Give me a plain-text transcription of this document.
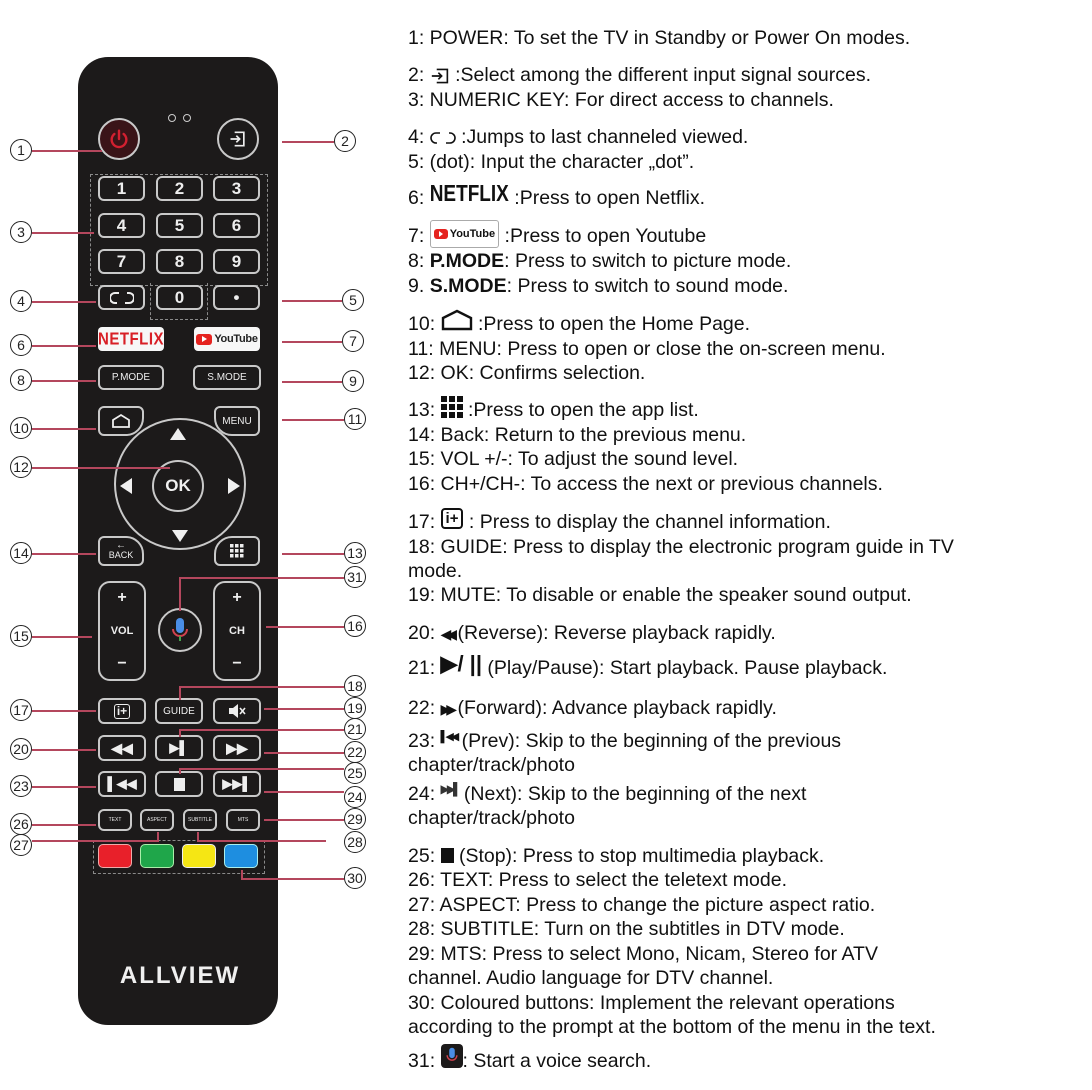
1	2	3
4	5	6
7	8	9
0	•
NETFLIX	YouTube
P.MODE	S.MODE
MENU
OK
←
BACK
+
VOL
−
+
CH
−
i+	GUIDE
◀◀	▶▌	▶▶
▌◀◀	▶▶▌
TEXT	ASPECT	SUBTITLE	MTS
ALLVIEW
1
3
4
6
8
10
12
14
15
17
20
23
26
27
2
5
7
9
11
13
31
16
18
19
21
22
25
24
29
28
30
1: POWER: To set the TV in Standby or Power On modes.
2:  :Select among the different input signal sources.
3: NUMERIC KEY: For direct access to channels.
4:  :Jumps to last channeled viewed.
5: (dot): Input the character „dot”.
6: NETFLIX :Press to open Netflix.
7: YouTube :Press to open Youtube
8: P.MODE: Press to switch to picture mode.
9. S.MODE: Press to switch to sound mode.
10:  :Press to open the Home Page.
11: MENU: Press to open or close the on-screen menu.
12: OK: Confirms selection.
13:  :Press to open the app list.
14: Back: Return to the previous menu.
15: VOL +/-: To adjust the sound level.
16: CH+/CH-: To access the next or previous channels.
17: i+ : Press to display the channel information.
18: GUIDE: Press to display the electronic program guide in TV
mode.
19: MUTE: To disable or enable the speaker sound output.
20: ◀◀ (Reverse): Reverse playback rapidly.
21: ▶/ || (Play/Pause): Start playback. Pause playback.
22: ▶▶ (Forward): Advance playback rapidly.
23: ▌◀◀ (Prev): Skip to the beginning of the previous
chapter/track/photo
24: ▶▶▌ (Next): Skip to the beginning of the next
chapter/track/photo
25:  (Stop): Press to stop multimedia playback.
26: TEXT: Press to select the teletext mode.
27: ASPECT: Press to change the picture aspect ratio.
28: SUBTITLE: Turn on the subtitles in DTV mode.
29: MTS: Press to select Mono, Nicam, Stereo for ATV
channel. Audio language for DTV channel.
30: Coloured buttons: Implement the relevant operations
according to the prompt at the bottom of the menu in the text.
31:
: Start a voice search.
